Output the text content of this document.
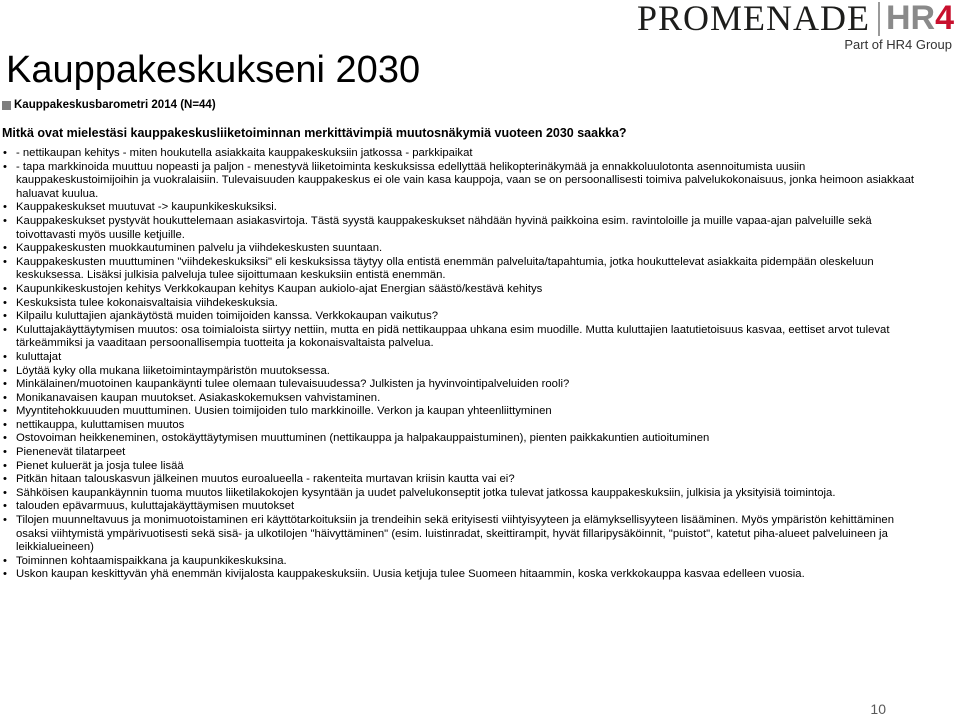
PROMENADE HR4
Part of HR4 Group
Kauppakeskukseni 2030
Kauppakeskusbarometri 2014 (N=44)

Mitkä ovat mielestäsi kauppakeskusliiketoiminnan merkittävimpiä muutosnäkymiä vuoteen 2030 saakka?

• - nettikaupan kehitys - miten houkutella asiakkaita kauppakeskuksiin jatkossa - parkkipaikat
• - tapa markkinoida muuttuu nopeasti ja paljon - menestyvä liiketoiminta keskuksissa edellyttää helikopterinäkymää ja ennakkoluulotonta asennoitumista uusiin kauppakeskustoimijoihin ja vuokralaisiin. Tulevaisuuden kauppakeskus ei ole vain kasa kauppoja, vaan se on persoonallisesti toimiva palvelukokonaisuus, jonka heimoon asiakkaat haluavat kuulua.
• Kauppakeskukset muutuvat -> kaupunkikeskuksiksi.
• Kauppakeskukset pystyvät houkuttelemaan asiakasvirtoja. Tästä syystä kauppakeskukset nähdään hyvinä paikkoina esim. ravintoloille ja muille vapaa-ajan palveluille sekä toivottavasti myös uusille ketjuille.
• Kauppakeskusten muokkautuminen palvelu ja viihdekeskusten suuntaan.
• Kauppakeskusten muuttuminen "viihdekeskuksiksi" eli keskuksissa täytyy olla entistä enemmän palveluita/tapahtumia, jotka houkuttelevat asiakkaita pidempään oleskeluun keskuksessa. Lisäksi julkisia palveluja tulee sijoittumaan keskuksiin entistä enemmän.
• Kaupunkikeskustojen kehitys Verkkokaupan kehitys Kaupan aukiolo-ajat Energian säästö/kestävä kehitys
• Keskuksista tulee kokonaisvaltaisia viihdekeskuksia.
• Kilpailu kuluttajien ajankäytöstä muiden toimijoiden kanssa. Verkkokaupan vaikutus?
• Kuluttajakäyttäytymisen muutos: osa toimialoista siirtyy nettiin, mutta en pidä nettikauppaa uhkana esim muodille. Mutta kuluttajien laatutietoisuus kasvaa, eettiset arvot tulevat tärkeämmiksi ja vaaditaan persoonallisempia tuotteita ja kokonaisvaltaista palvelua.
• kuluttajat
• Löytää kyky olla mukana liiketoimintaympäristön muutoksessa.
• Minkälainen/muotoinen kaupankäynti tulee olemaan tulevaisuudessa? Julkisten ja hyvinvointipalveluiden rooli?
• Monikanavaisen kaupan muutokset. Asiakaskokemuksen vahvistaminen.
• Myyntitehokkuuuden muuttuminen. Uusien toimijoiden tulo markkinoille. Verkon ja kaupan yhteenliittyminen
• nettikauppa, kuluttamisen muutos
• Ostovoiman heikkeneminen, ostokäyttäytymisen muuttuminen (nettikauppa ja halpakauppaistuminen), pienten paikkakuntien autioituminen
• Pienenevät tilatarpeet
• Pienet kuluerät ja josja tulee lisää
• Pitkän hitaan talouskasvun jälkeinen muutos euroalueella - rakenteita murtavan kriisin kautta vai ei?
• Sähköisen kaupankäynnin tuoma muutos liiketilakokojen kysyntään ja uudet palvelukonseptit jotka tulevat jatkossa kauppakeskuksiin, julkisia ja yksityisiä toimintoja.
• talouden epävarmuus, kuluttajakäyttäymisen muutokset
• Tilojen muunneltavuus ja monimuotoistaminen eri käyttötarkoituksiin ja trendeihin sekä erityisesti viihtyisyyteen ja elämyksellisyyteen lisääminen. Myös ympäristön kehittäminen osaksi viihtymistä ympärivuotisesti sekä sisä- ja ulkotilojen "häivyttäminen" (esim. luistinradat, skeittirampit, hyvät fillaripysäköinnit, "puistot", katetut piha-alueet palveluineen ja leikkialueineen)
• Toiminnen kohtaamispaikkana ja kaupunkikeskuksina.
• Uskon kaupan keskittyvän yhä enemmän kivijalosta kauppakeskuksiin. Uusia ketjuja tulee Suomeen hitaammin, koska verkkokauppa kasvaa edelleen vuosia.
10
